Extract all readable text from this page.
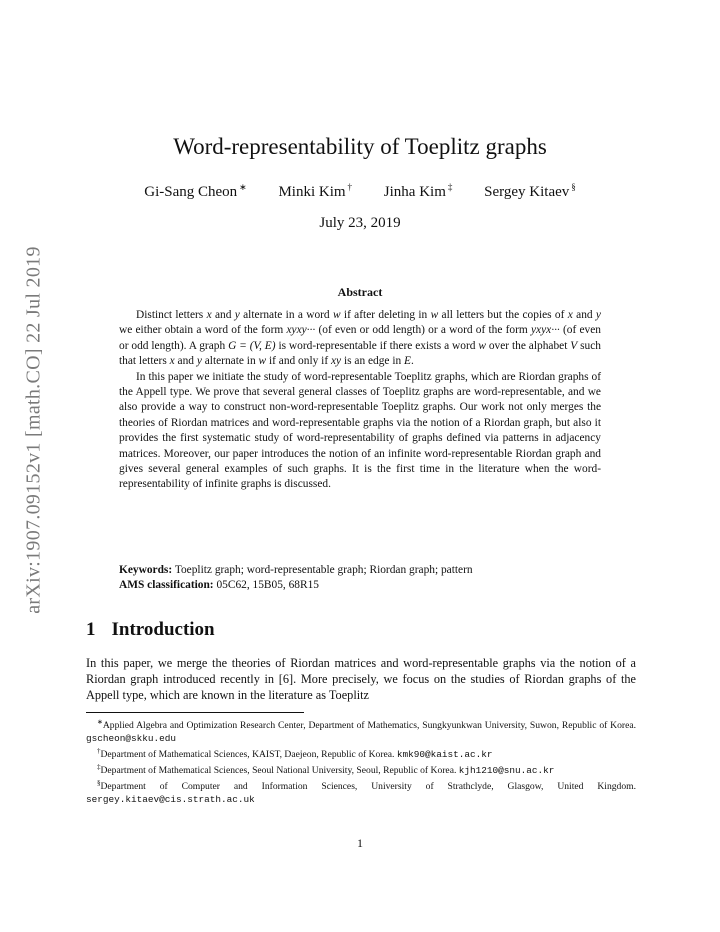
arXiv:1907.09152v1 [math.CO] 22 Jul 2019
Word-representability of Toeplitz graphs
Gi-Sang Cheon ∗ Minki Kim † Jinha Kim ‡ Sergey Kitaev §
July 23, 2019
Abstract

Distinct letters x and y alternate in a word w if after deleting in w all letters but the copies of x and y we either obtain a word of the form xyxy··· (of even or odd length) or a word of the form yxyx··· (of even or odd length). A graph G = (V, E) is word-representable if there exists a word w over the alphabet V such that letters x and y alternate in w if and only if xy is an edge in E.

In this paper we initiate the study of word-representable Toeplitz graphs, which are Riordan graphs of the Appell type. We prove that several general classes of Toeplitz graphs are word-representable, and we also provide a way to construct non-word-representable Toeplitz graphs. Our work not only merges the theories of Riordan matrices and word-representable graphs via the notion of a Riordan graph, but also it provides the first systematic study of word-representability of graphs defined via patterns in adjacency matrices. Moreover, our paper introduces the notion of an infinite word-representable Riordan graph and gives several general examples of such graphs. It is the first time in the literature when the word-representability of infinite graphs is discussed.

Keywords: Toeplitz graph; word-representable graph; Riordan graph; pattern
AMS classification: 05C62, 15B05, 68R15
1 Introduction
In this paper, we merge the theories of Riordan matrices and word-representable graphs via the notion of a Riordan graph introduced recently in [6]. More precisely, we focus on the studies of Riordan graphs of the Appell type, which are known in the literature as Toeplitz

∗Applied Algebra and Optimization Research Center, Department of Mathematics, Sungkyunkwan University, Suwon, Republic of Korea. gscheon@skku.edu

†Department of Mathematical Sciences, KAIST, Daejeon, Republic of Korea. kmk90@kaist.ac.kr

‡Department of Mathematical Sciences, Seoul National University, Seoul, Republic of Korea. kjh1210@snu.ac.kr

§Department of Computer and Information Sciences, University of Strathclyde, Glasgow, United Kingdom. sergey.kitaev@cis.strath.ac.uk

1
